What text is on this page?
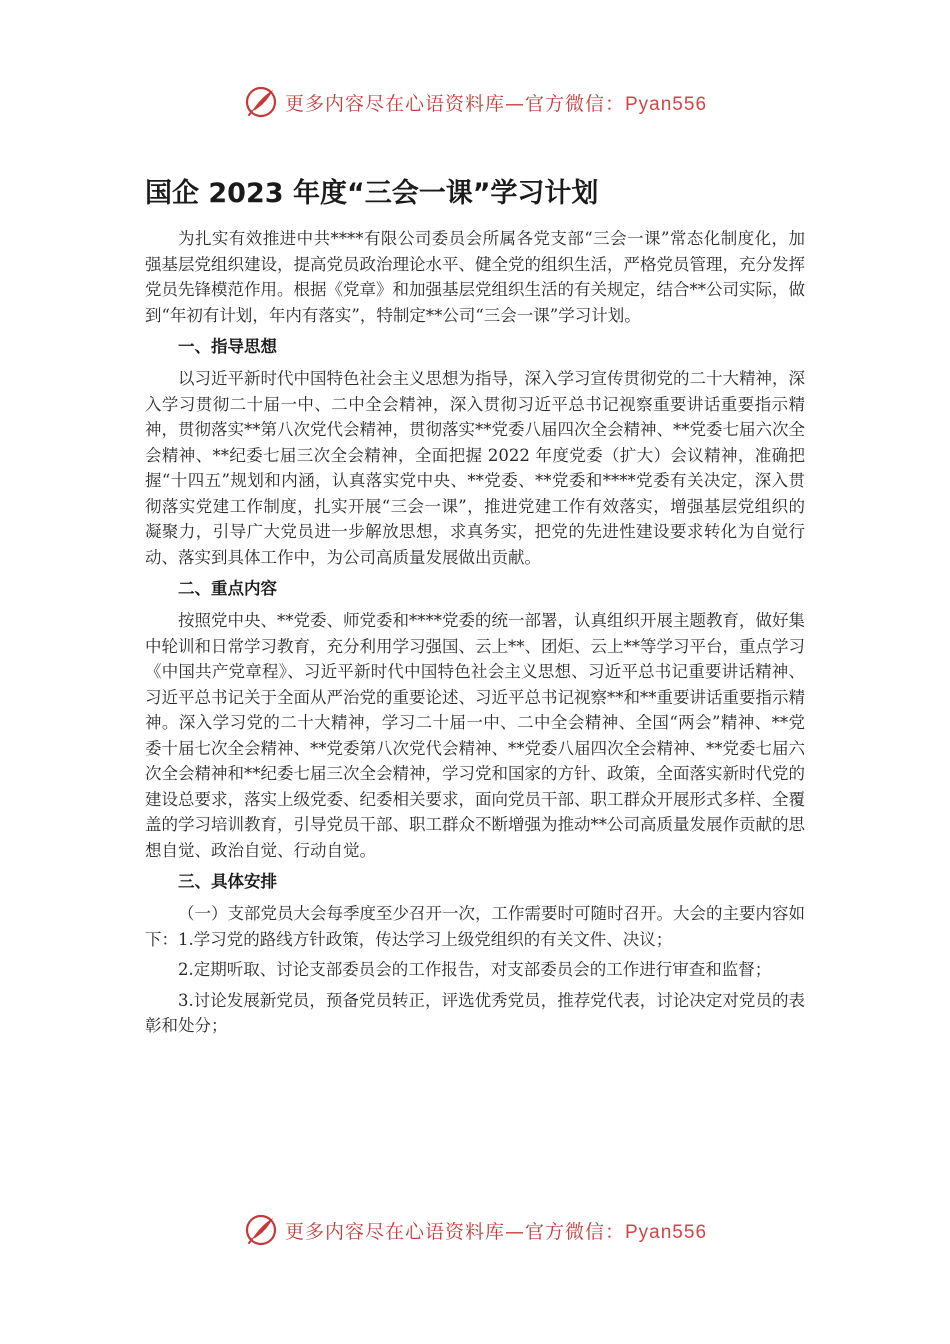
更多内容尽在心语资料库—官方微信：Pyan556
国企 2023 年度“三会一课”学习计划

为扎实有效推进中共****有限公司委员会所属各党支部“三会一课”常态化制度化，加强基层党组织建设，提高党员政治理论水平、健全党的组织生活，严格党员管理，充分发挥党员先锋模范作用。根据《党章》和加强基层党组织生活的有关规定，结合**公司实际，做到“年初有计划，年内有落实”，特制定**公司“三会一课”学习计划。

一、指导思想

以习近平新时代中国特色社会主义思想为指导，深入学习宣传贯彻党的二十大精神，深入学习贯彻二十届一中、二中全会精神，深入贯彻习近平总书记视察重要讲话重要指示精神，贯彻落实**第八次党代会精神，贯彻落实**党委八届四次全会精神、**党委七届六次全会精神、**纪委七届三次全会精神，全面把握 2022 年度党委（扩大）会议精神，准确把握“十四五”规划和内涵，认真落实党中央、**党委、**党委和****党委有关决定，深入贯彻落实党建工作制度，扎实开展“三会一课”，推进党建工作有效落实，增强基层党组织的凝聚力，引导广大党员进一步解放思想，求真务实，把党的先进性建设要求转化为自觉行动、落实到具体工作中，为公司高质量发展做出贡献。

二、重点内容

按照党中央、**党委、师党委和****党委的统一部署，认真组织开展主题教育，做好集中轮训和日常学习教育，充分利用学习强国、云上**、团炬、云上**等学习平台，重点学习《中国共产党章程》、习近平新时代中国特色社会主义思想、习近平总书记重要讲话精神、习近平总书记关于全面从严治党的重要论述、习近平总书记视察**和**重要讲话重要指示精神。深入学习党的二十大精神，学习二十届一中、二中全会精神、全国“两会”精神、**党委十届七次全会精神、**党委第八次党代会精神、**党委八届四次全会精神、**党委七届六次全会精神和**纪委七届三次全会精神，学习党和国家的方针、政策，全面落实新时代党的建设总要求，落实上级党委、纪委相关要求，面向党员干部、职工群众开展形式多样、全覆盖的学习培训教育，引导党员干部、职工群众不断增强为推动**公司高质量发展作贡献的思想自觉、政治自觉、行动自觉。

三、具体安排

（一）支部党员大会每季度至少召开一次，工作需要时可随时召开。大会的主要内容如下：1.学习党的路线方针政策，传达学习上级党组织的有关文件、决议；

2.定期听取、讨论支部委员会的工作报告，对支部委员会的工作进行审查和监督；

3.讨论发展新党员，预备党员转正，评选优秀党员，推荐党代表，讨论决定对党员的表彰和处分；

更多内容尽在心语资料库—官方微信：Pyan556
